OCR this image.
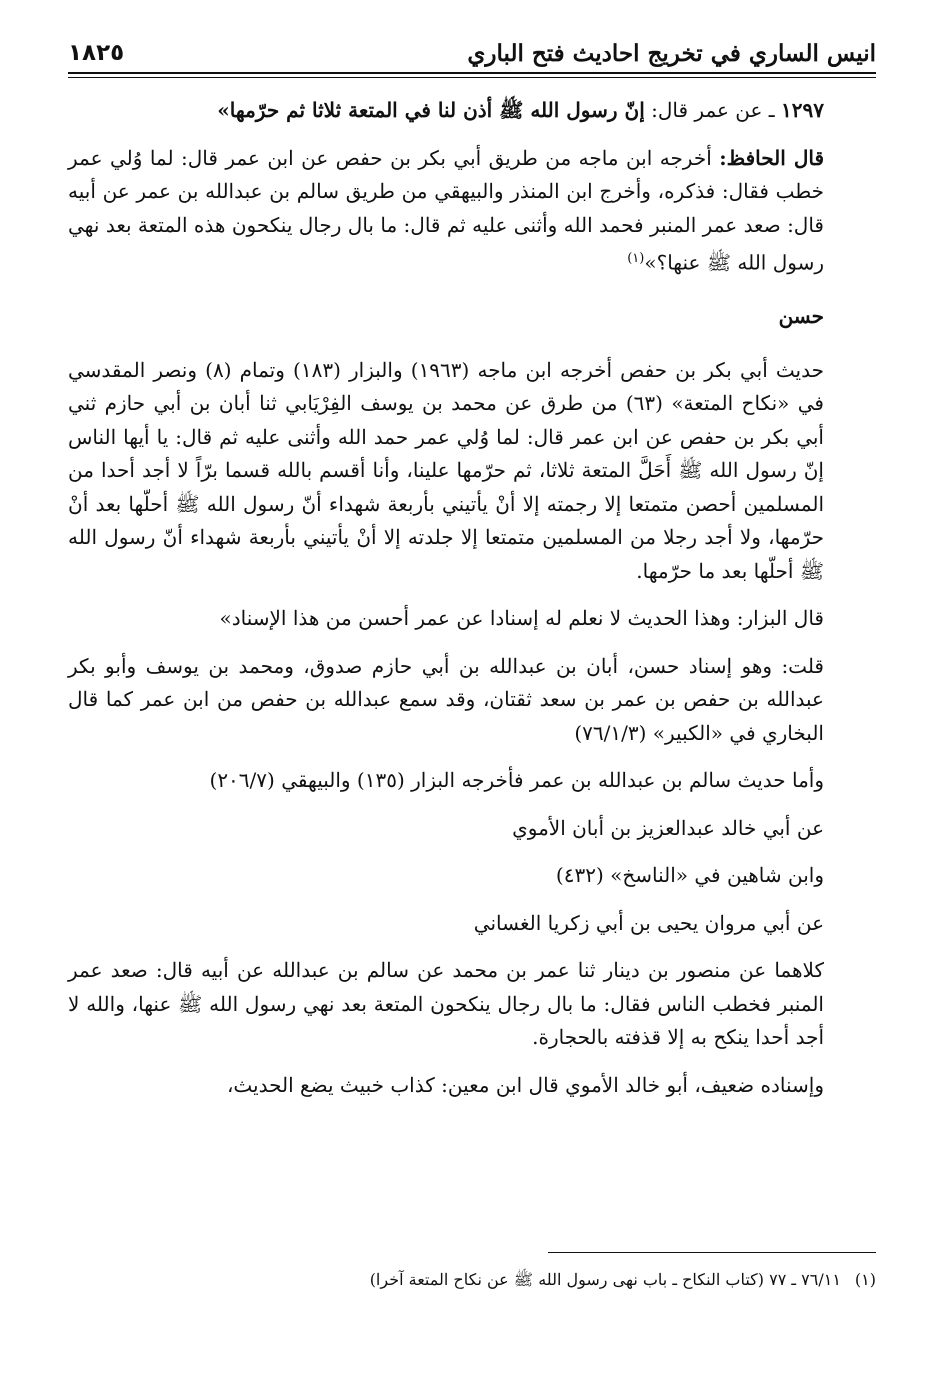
انيس الساري في تخريج احاديث فتح الباري
١٨٢٥

١٢٩٧ ـ عن عمر قال: إنّ رسول الله ﷺ أذن لنا في المتعة ثلاثا ثم حرّمها»

قال الحافظ: أخرجه ابن ماجه من طريق أبي بكر بن حفص عن ابن عمر قال: لما وُلي عمر خطب فقال: فذكره، وأخرج ابن المنذر والبيهقي من طريق سالم بن عبدالله بن عمر عن أبيه قال: صعد عمر المنبر فحمد الله وأثنى عليه ثم قال: ما بال رجال ينكحون هذه المتعة بعد نهي رسول الله ﷺ عنها؟»$^{(١)}$

حسن

حديث أبي بكر بن حفص أخرجه ابن ماجه (١٩٦٣) والبزار (١٨٣) وتمام (٨) ونصر المقدسي في «نكاح المتعة» (٦٣) من طرق عن محمد بن يوسف الفِرْيَابي ثنا أبان بن أبي حازم ثني أبي بكر بن حفص عن ابن عمر قال: لما وُلي عمر حمد الله وأثنى عليه ثم قال: يا أيها الناس إنّ رسول الله ﷺ أَحَلَّ المتعة ثلاثا، ثم حرّمها علينا، وأنا أقسم بالله قسما برّاً لا أجد أحدا من المسلمين أحصن متمتعا إلا رجمته إلا أنْ يأتيني بأربعة شهداء أنّ رسول الله ﷺ أحلّها بعد أنْ حرّمها، ولا أجد رجلا من المسلمين متمتعا إلا جلدته إلا أنْ يأتيني بأربعة شهداء أنّ رسول الله ﷺ أحلّها بعد ما حرّمها.

قال البزار: وهذا الحديث لا نعلم له إسنادا عن عمر أحسن من هذا الإسناد»

قلت: وهو إسناد حسن، أبان بن عبدالله بن أبي حازم صدوق، ومحمد بن يوسف وأبو بكر عبدالله بن حفص بن عمر بن سعد ثقتان، وقد سمع عبدالله بن حفص من ابن عمر كما قال البخاري في «الكبير» (٧٦/١/٣)

وأما حديث سالم بن عبدالله بن عمر فأخرجه البزار (١٣٥) والبيهقي (٢٠٦/٧)

عن أبي خالد عبدالعزيز بن أبان الأموي

وابن شاهين في «الناسخ» (٤٣٢)

عن أبي مروان يحيى بن أبي زكريا الغساني

كلاهما عن منصور بن دينار ثنا عمر بن محمد عن سالم بن عبدالله عن أبيه قال: صعد عمر المنبر فخطب الناس فقال: ما بال رجال ينكحون المتعة بعد نهي رسول الله ﷺ عنها، والله لا أجد أحدا ينكح به إلا قذفته بالحجارة.

وإسناده ضعيف، أبو خالد الأموي قال ابن معين: كذاب خبيث يضع الحديث،

(١)٧٦/١١ ـ ٧٧ (كتاب النكاح ـ باب نهى رسول الله ﷺ عن نكاح المتعة آخرا)
